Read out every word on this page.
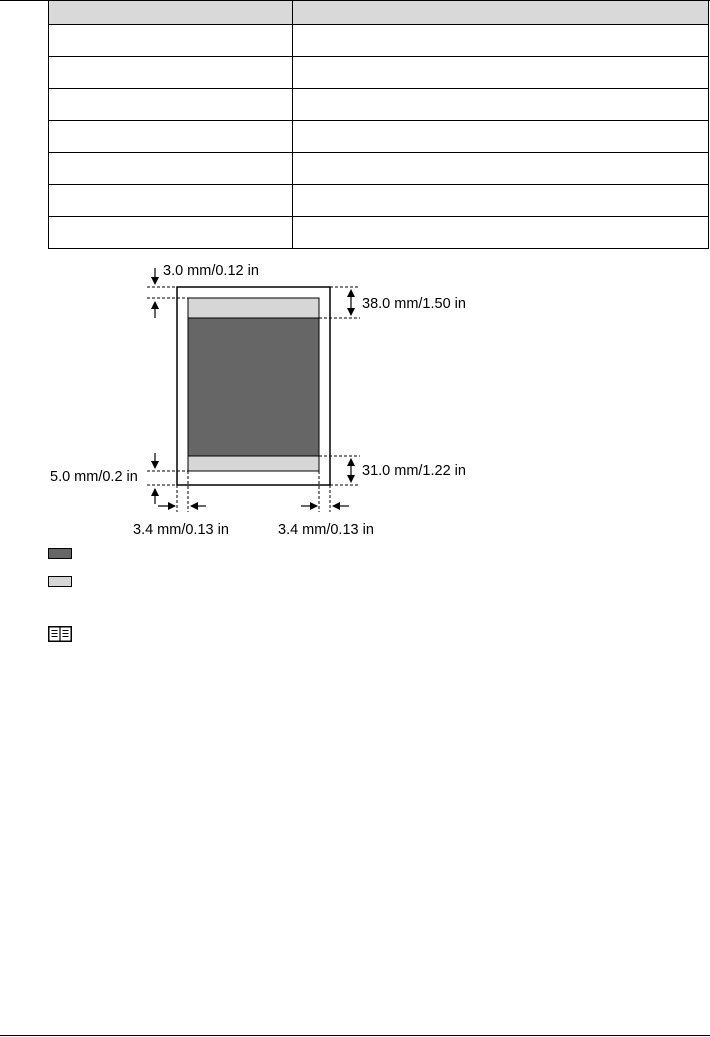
3.0 mm/0.12 in
38.0 mm/1.50 in
31.0 mm/1.22 in
5.0 mm/0.2 in
3.4 mm/0.13 in	3.4 mm/0.13 in
